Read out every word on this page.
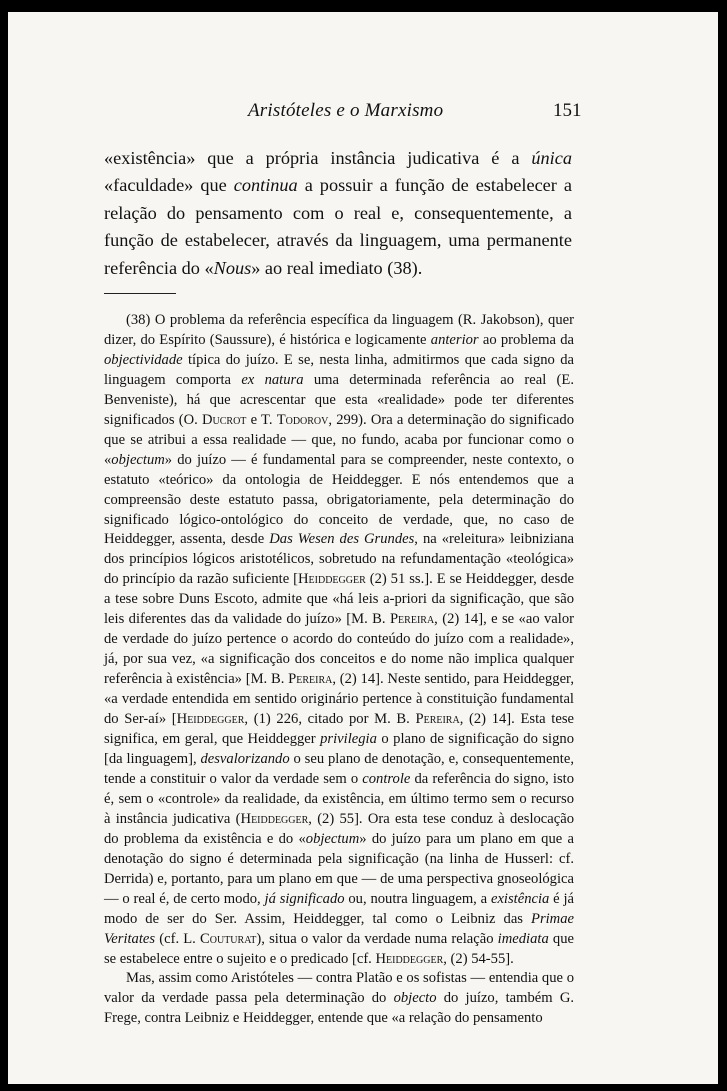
Aristóteles e o Marxismo	151

«existência» que a própria instância judicativa é a única «faculdade» que continua a possuir a função de estabelecer a relação do pensamento com o real e, consequentemente, a função de estabelecer, através da linguagem, uma permanente referência do «Nous» ao real imediato (38).

(38) O problema da referência específica da linguagem (R. Jakobson), quer dizer, do Espírito (Saussure), é histórica e logicamente anterior ao problema da objectividade típica do juízo. E se, nesta linha, admitirmos que cada signo da linguagem comporta ex natura uma determinada referência ao real (E. Benveniste), há que acrescentar que esta «realidade» pode ter diferentes significados (O. Ducrot e T. Todorov, 299). Ora a determinação do significado que se atribui a essa realidade — que, no fundo, acaba por funcionar como o «objectum» do juízo — é fundamental para se compreender, neste contexto, o estatuto «teórico» da ontologia de Heiddegger. E nós entendemos que a compreensão deste estatuto passa, obrigatoriamente, pela determinação do significado lógico-ontológico do conceito de verdade, que, no caso de Heiddegger, assenta, desde Das Wesen des Grundes, na «releitura» leibniziana dos princípios lógicos aristotélicos, sobretudo na refundamentação «teológica» do princípio da razão suficiente [Heiddegger (2) 51 ss.]. E se Heiddegger, desde a tese sobre Duns Escoto, admite que «há leis a-priori da significação, que são leis diferentes das da validade do juízo» [M. B. Pereira, (2) 14], e se «ao valor de verdade do juízo pertence o acordo do conteúdo do juízo com a realidade», já, por sua vez, «a significação dos conceitos e do nome não implica qualquer referência à existência» [M. B. Pereira, (2) 14]. Neste sentido, para Heiddegger, «a verdade entendida em sentido originário pertence à constituição fundamental do Ser-aí» [Heiddegger, (1) 226, citado por M. B. Pereira, (2) 14]. Esta tese significa, em geral, que Heiddegger privilegia o plano de significação do signo [da linguagem], desvalorizando o seu plano de denotação, e, consequentemente, tende a constituir o valor da verdade sem o controle da referência do signo, isto é, sem o «controle» da realidade, da existência, em último termo sem o recurso à instância judicativa (Heiddegger, (2) 55]. Ora esta tese conduz à deslocação do problema da existência e do «objectum» do juízo para um plano em que a denotação do signo é determinada pela significação (na linha de Husserl: cf. Derrida) e, portanto, para um plano em que — de uma perspectiva gnoseológica — o real é, de certo modo, já significado ou, noutra linguagem, a existência é já modo de ser do Ser. Assim, Heiddegger, tal como o Leibniz das Primae Veritates (cf. L. Couturat), situa o valor da verdade numa relação imediata que se estabelece entre o sujeito e o predicado [cf. Heiddegger, (2) 54-55].

Mas, assim como Aristóteles — contra Platão e os sofistas — entendia que o valor da verdade passa pela determinação do objecto do juízo, também G. Frege, contra Leibniz e Heiddegger, entende que «a relação do pensamento
